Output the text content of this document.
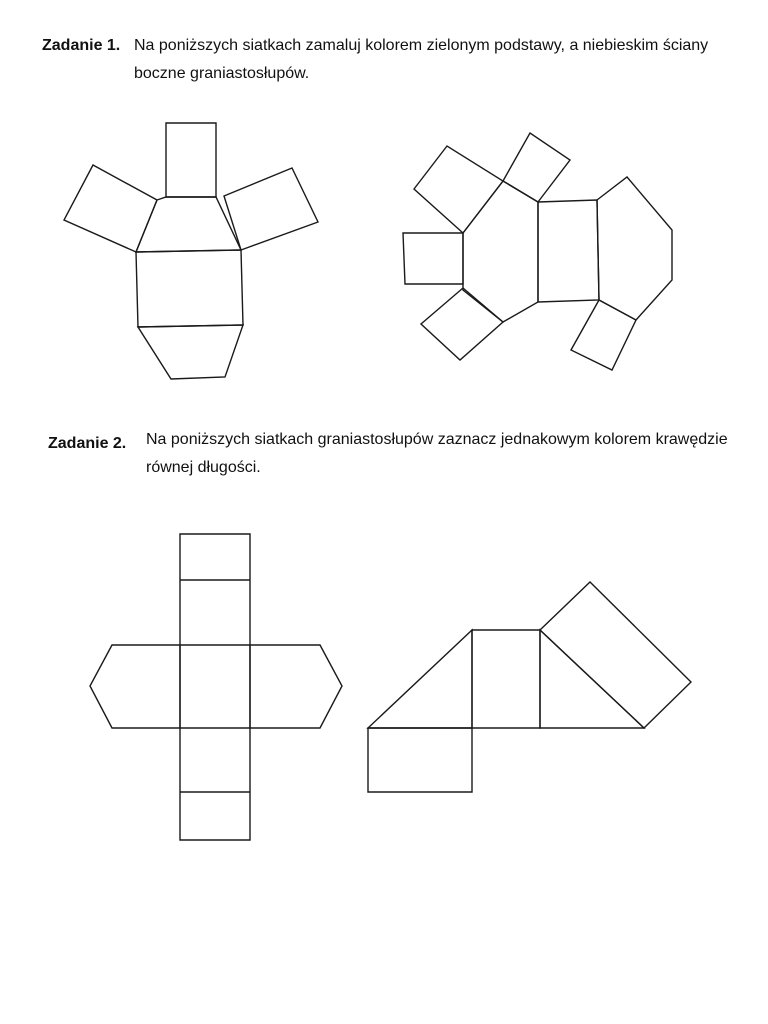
Zadanie 1. Na poniższych siatkach zamaluj kolorem zielonym podstawy, a niebieskim ściany boczne graniastosłupów.
Zadanie 2. Na poniższych siatkach graniastosłupów zaznacz jednakowym kolorem krawędzie równej długości.
